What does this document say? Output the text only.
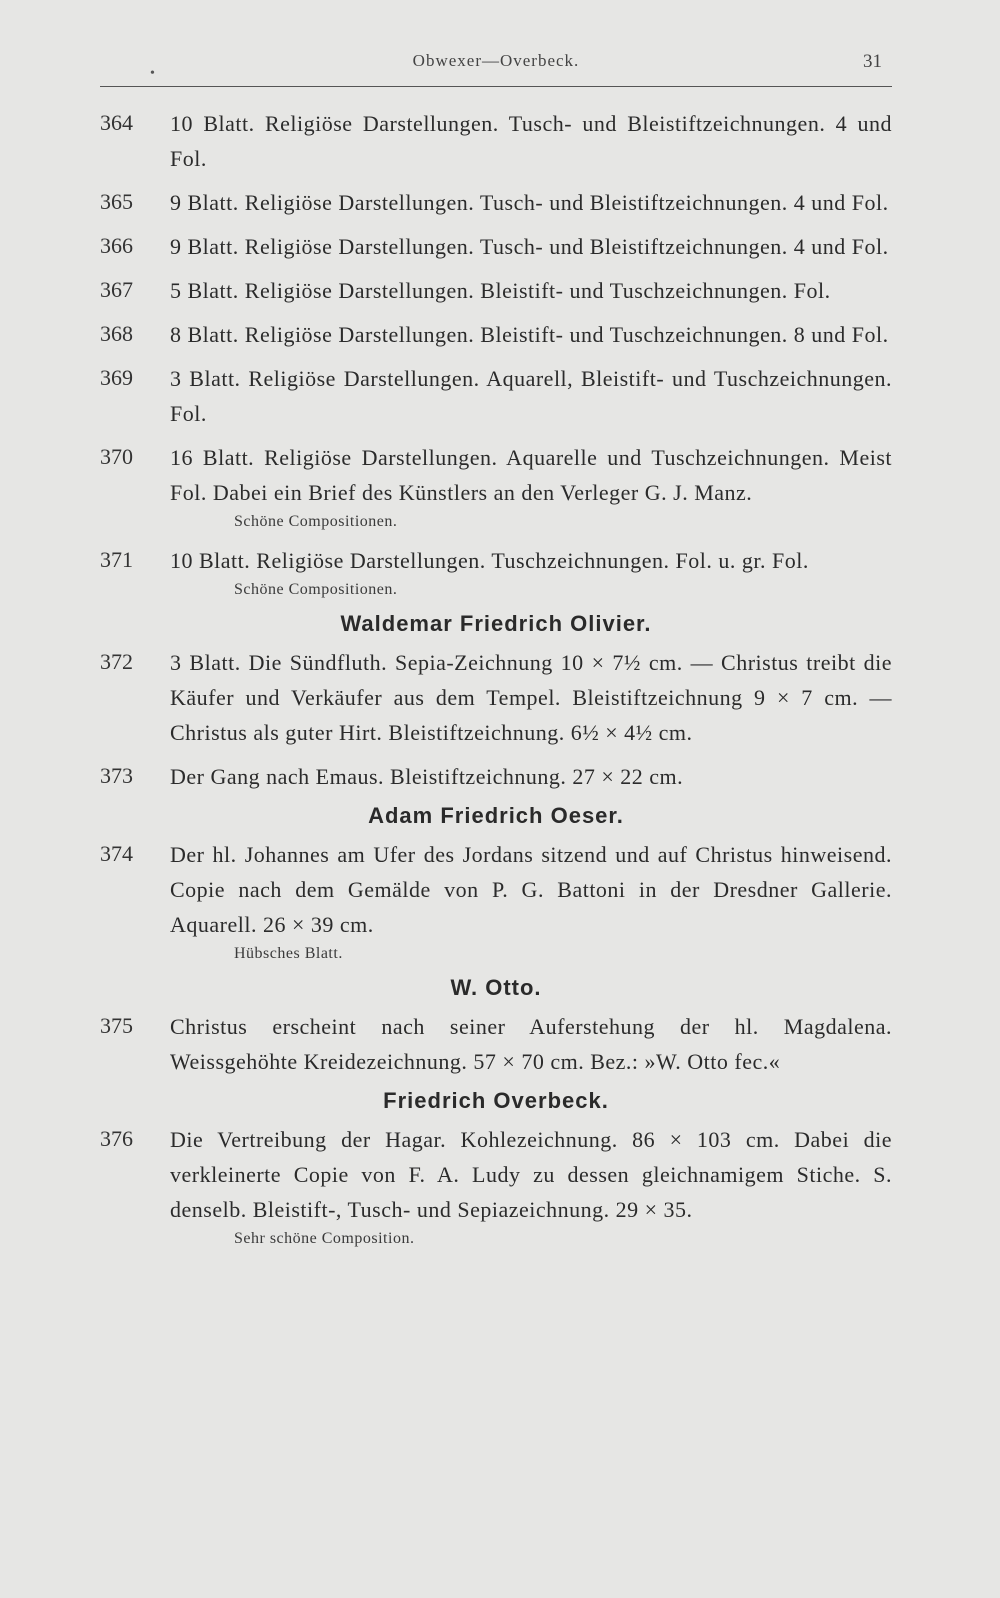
•
Obwexer—Overbeck.	31
364	10 Blatt. Religiöse Darstellungen. Tusch- und Bleistiftzeichnungen. 4 und Fol.
365	9 Blatt. Religiöse Darstellungen. Tusch- und Bleistiftzeichnungen. 4 und Fol.
366	9 Blatt. Religiöse Darstellungen. Tusch- und Bleistiftzeichnungen. 4 und Fol.
367	5 Blatt. Religiöse Darstellungen. Bleistift- und Tuschzeichnungen. Fol.
368	8 Blatt. Religiöse Darstellungen. Bleistift- und Tuschzeichnungen. 8 und Fol.
369	3 Blatt. Religiöse Darstellungen. Aquarell, Bleistift- und Tuschzeichnungen. Fol.
370	16 Blatt. Religiöse Darstellungen. Aquarelle und Tuschzeichnungen. Meist Fol. Dabei ein Brief des Künstlers an den Verleger G. J. Manz.
Schöne Compositionen.
371	10 Blatt. Religiöse Darstellungen. Tuschzeichnungen. Fol. u. gr. Fol.
Schöne Compositionen.
Waldemar Friedrich Olivier.
372	3 Blatt. Die Sündfluth. Sepia-Zeichnung 10 × 7½ cm. — Christus treibt die Käufer und Verkäufer aus dem Tempel. Bleistiftzeichnung 9 × 7 cm. — Christus als guter Hirt. Bleistiftzeichnung. 6½ × 4½ cm.
373	Der Gang nach Emaus. Bleistiftzeichnung. 27 × 22 cm.
Adam Friedrich Oeser.
374	Der hl. Johannes am Ufer des Jordans sitzend und auf Christus hinweisend. Copie nach dem Gemälde von P. G. Battoni in der Dresdner Gallerie. Aquarell. 26 × 39 cm.
Hübsches Blatt.
W. Otto.
375	Christus erscheint nach seiner Auferstehung der hl. Magdalena. Weissgehöhte Kreidezeichnung. 57 × 70 cm. Bez.: »W. Otto fec.«
Friedrich Overbeck.
376	Die Vertreibung der Hagar. Kohlezeichnung. 86 × 103 cm. Dabei die verkleinerte Copie von F. A. Ludy zu dessen gleichnamigem Stiche. S. denselb. Bleistift-, Tusch- und Sepiazeichnung. 29 × 35.
Sehr schöne Composition.
